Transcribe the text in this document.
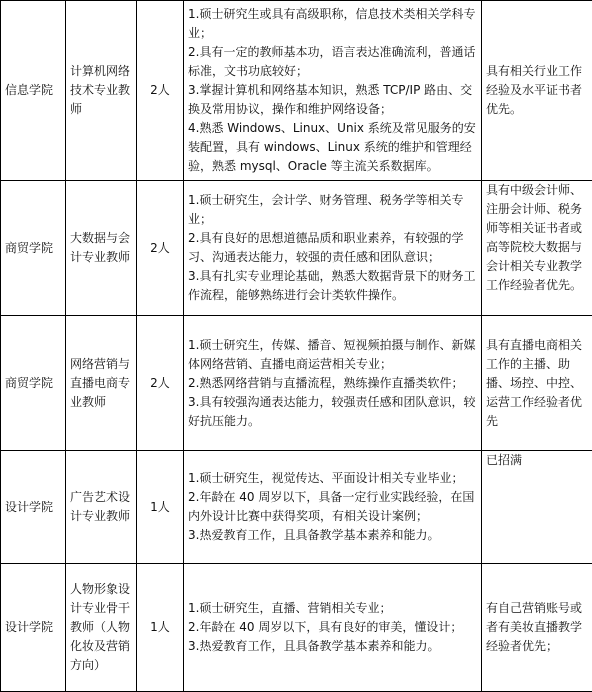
信息学院	计算机网络技术专业教师	2人	1.硕士研究生或具有高级职称，信息技术类相关学科专业；
2.具有一定的教师基本功，语言表达准确流利，普通话标准，文书功底较好；
3.掌握计算机和网络基本知识，熟悉 TCP/IP 路由、交换及常用协议，操作和维护网络设备；
4.熟悉 Windows、Linux、Unix 系统及常见服务的安装配置，具有 windows、Linux 系统的维护和管理经验，熟悉 mysql、Oracle 等主流关系数据库。	具有相关行业工作经验及水平证书者优先。
商贸学院	大数据与会计专业教师	2人	1.硕士研究生，会计学、财务管理、税务学等相关专业；
2.具有良好的思想道德品质和职业素养，有较强的学习、沟通表达能力，较强的责任感和团队意识；
3.具有扎实专业理论基础，熟悉大数据背景下的财务工作流程，能够熟练进行会计类软件操作。	具有中级会计师、注册会计师、税务师等相关证书者或高等院校大数据与会计相关专业教学工作经验者优先。
商贸学院	网络营销与直播电商专业教师	2人	1.硕士研究生，传媒、播音、短视频拍摄与制作、新媒体网络营销、直播电商运营相关专业；
2.熟悉网络营销与直播流程，熟练操作直播类软件；
3.具有较强沟通表达能力，较强责任感和团队意识，较好抗压能力。	具有直播电商相关工作的主播、助播、场控、中控、运营工作经验者优先
设计学院	广告艺术设计专业教师	1人	1.硕士研究生，视觉传达、平面设计相关专业毕业；
2.年龄在 40 周岁以下，具备一定行业实践经验，在国内外设计比赛中获得奖项，有相关设计案例；
3.热爱教育工作，且具备教学基本素养和能力。	已招满
设计学院	人物形象设计专业骨干教师（人物化妆及营销方向）	1人	1.硕士研究生，直播、营销相关专业；
2.年龄在 40 周岁以下，具有良好的审美，懂设计；
3.热爱教育工作，且具备教学基本素养和能力。	有自己营销账号或者有美妆直播教学经验者优先；
